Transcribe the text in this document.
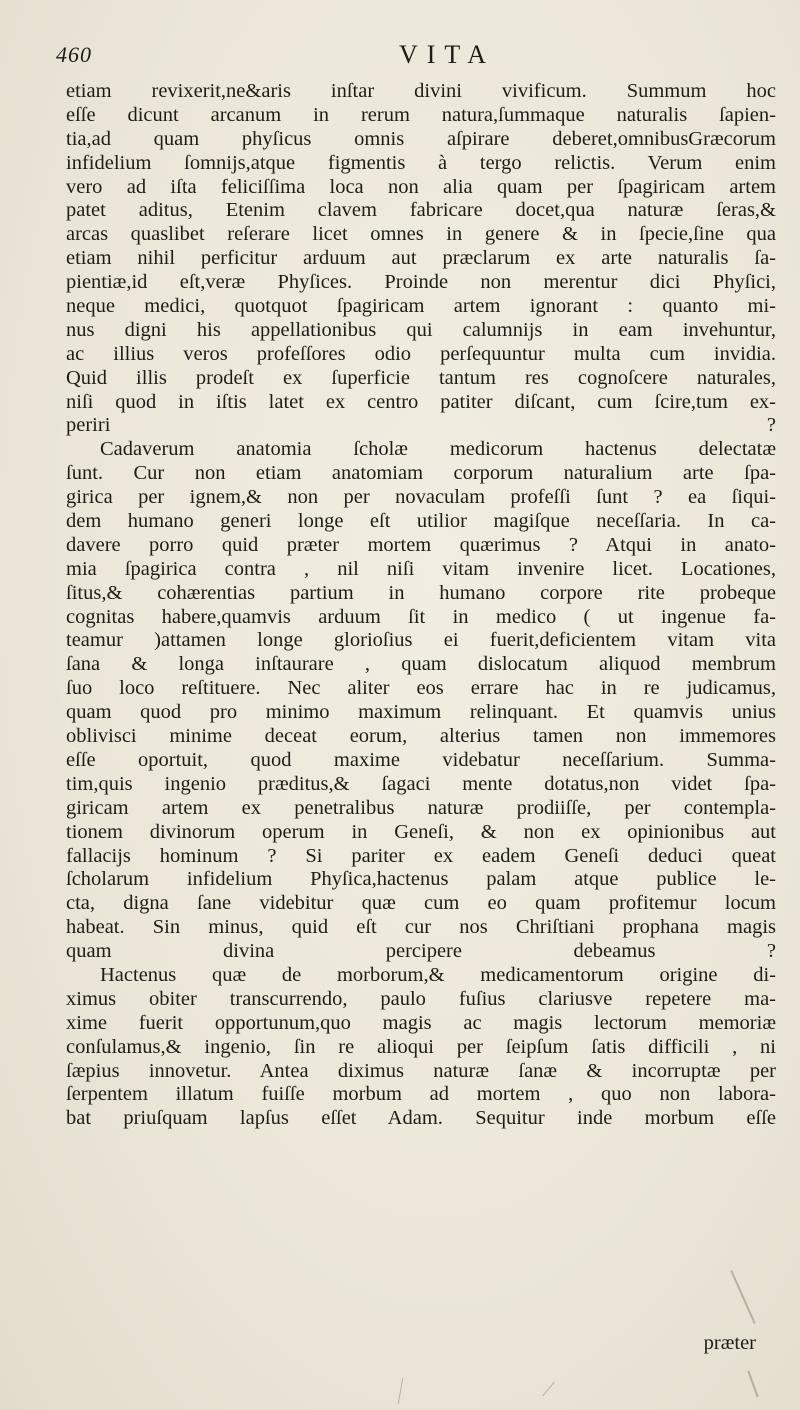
460	VITA
etiam revixerit,ne&aris inſtar divini vivificum. Summum hoc
eſſe dicunt arcanum in rerum natura,ſummaque naturalis ſapien-
tia,ad quam phyſicus omnis aſpirare deberet,omnibusGræcorum
infidelium ſomnijs,atque figmentis à tergo relictis. Verum enim
vero ad iſta feliciſſima loca non alia quam per ſpagiricam artem
patet aditus, Etenim clavem fabricare docet,qua naturæ ſeras,&
arcas quaslibet reſerare licet omnes in genere & in ſpecie,ſine qua
etiam nihil perficitur arduum aut præclarum ex arte naturalis ſa-
pientiæ,id eſt,veræ Phyſices. Proinde non merentur dici Phyſici,
neque medici, quotquot ſpagiricam artem ignorant : quanto mi-
nus digni his appellationibus qui calumnijs in eam invehuntur,
ac illius veros profeſſores odio perſequuntur multa cum invidia.
Quid illis prodeſt ex ſuperficie tantum res cognoſcere naturales,
niſi quod in iſtis latet ex centro patiter diſcant, cum ſcire,tum ex-
periri ?
Cadaverum anatomia ſcholæ medicorum hactenus delectatæ
ſunt. Cur non etiam anatomiam corporum naturalium arte ſpa-
girica per ignem,& non per novaculam profeſſi ſunt ? ea ſiqui-
dem humano generi longe eſt utilior magiſque neceſſaria. In ca-
davere porro quid præter mortem quærimus ? Atqui in anato-
mia ſpagirica contra , nil niſi vitam invenire licet. Locationes,
ſitus,& cohærentias partium in humano corpore rite probeque
cognitas habere,quamvis arduum ſit in medico ( ut ingenue fa-
teamur )attamen longe glorioſius ei fuerit,deficientem vitam vita
ſana & longa inſtaurare , quam dislocatum aliquod membrum
ſuo loco reſtituere. Nec aliter eos errare hac in re judicamus,
quam quod pro minimo maximum relinquant. Et quamvis unius
oblivisci minime deceat eorum, alterius tamen non immemores
eſſe oportuit, quod maxime videbatur neceſſarium. Summa-
tim,quis ingenio præditus,& ſagaci mente dotatus,non videt ſpa-
giricam artem ex penetralibus naturæ prodiiſſe, per contempla-
tionem divinorum operum in Geneſi, & non ex opinionibus aut
fallacijs hominum ? Si pariter ex eadem Geneſi deduci queat
ſcholarum infidelium Phyſica,hactenus palam atque publice le-
cta, digna ſane videbitur quæ cum eo quam profitemur locum
habeat. Sin minus, quid eſt cur nos Chriſtiani prophana magis
quam divina percipere debeamus ?
Hactenus quæ de morborum,& medicamentorum origine di-
ximus obiter transcurrendo, paulo fuſius clariusve repetere ma-
xime fuerit opportunum,quo magis ac magis lectorum memoriæ
conſulamus,& ingenio, ſin re alioqui per ſeipſum ſatis difficili , ni
ſæpius innovetur. Antea diximus naturæ ſanæ & incorruptæ per
ſerpentem illatum fuiſſe morbum ad mortem , quo non labora-
bat priuſquam lapſus eſſet Adam. Sequitur inde morbum eſſe
præter
